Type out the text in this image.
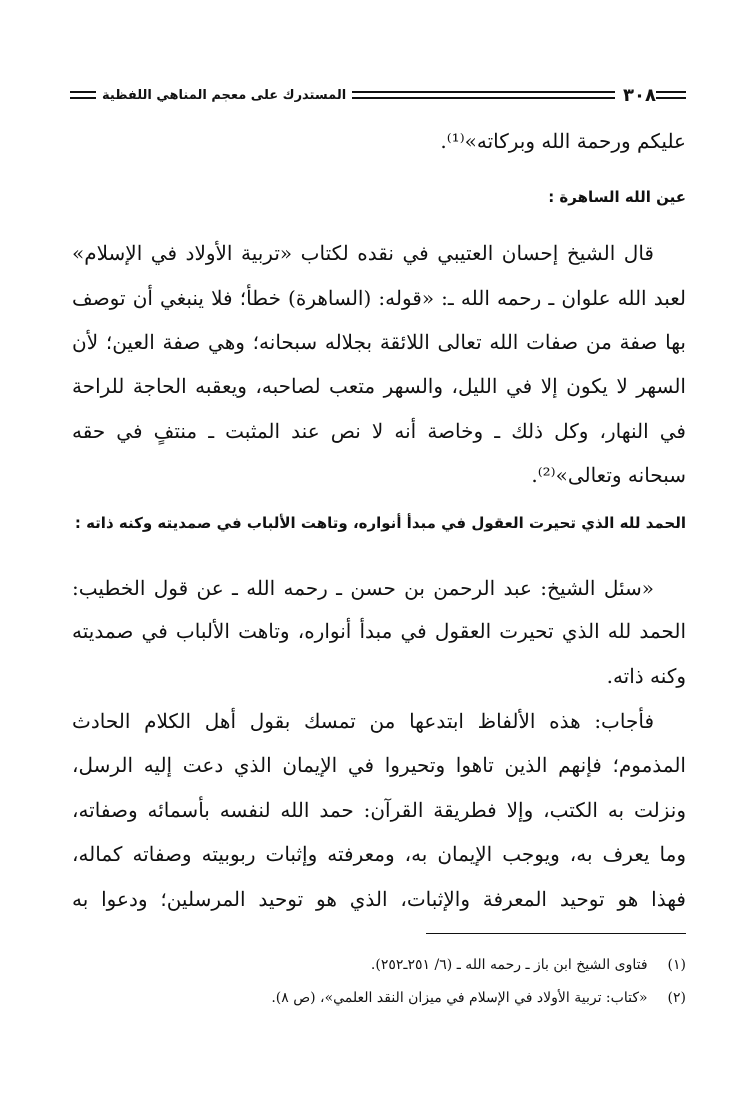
٣٠٨
المستدرك على معجم المناهي اللفظية
عليكم ورحمة الله وبركاته»⁽¹⁾.
عين الله الساهرة :
قال الشيخ إحسان العتيبي في نقده لكتاب «تربية الأولاد في الإسلام»
لعبد الله علوان ـ رحمه الله ـ: «قوله: (الساهرة) خطأ؛ فلا ينبغي أن توصف
بها صفة من صفات الله تعالى اللائقة بجلاله سبحانه؛ وهي صفة العين؛ لأن
السهر لا يكون إلا في الليل، والسهر متعب لصاحبه، ويعقبه الحاجة للراحة
في النهار، وكل ذلك ـ وخاصة أنه لا نص عند المثبت ـ منتفٍ في حقه
سبحانه وتعالى»⁽²⁾.
الحمد لله الذي تحيرت العقول في مبدأ أنواره، وتاهت الألباب في صمديته وكنه ذاته :
«سئل الشيخ: عبد الرحمن بن حسن ـ رحمه الله ـ عن قول الخطيب:
الحمد لله الذي تحيرت العقول في مبدأ أنواره، وتاهت الألباب في صمديته
وكنه ذاته.
فأجاب: هذه الألفاظ ابتدعها من تمسك بقول أهل الكلام الحادث
المذموم؛ فإنهم الذين تاهوا وتحيروا في الإيمان الذي دعت إليه الرسل،
ونزلت به الكتب، وإلا فطريقة القرآن: حمد الله لنفسه بأسمائه وصفاته،
وما يعرف به، ويوجب الإيمان به، ومعرفته وإثبات ربوبيته وصفاته كماله،
فهذا هو توحيد المعرفة والإثبات، الذي هو توحيد المرسلين؛ ودعوا به
(١) فتاوى الشيخ ابن باز ـ رحمه الله ـ (٦/ ٢٥١ـ٢٥٢).
(٢) «كتاب: تربية الأولاد في الإسلام في ميزان النقد العلمي»، (ص ٨).
